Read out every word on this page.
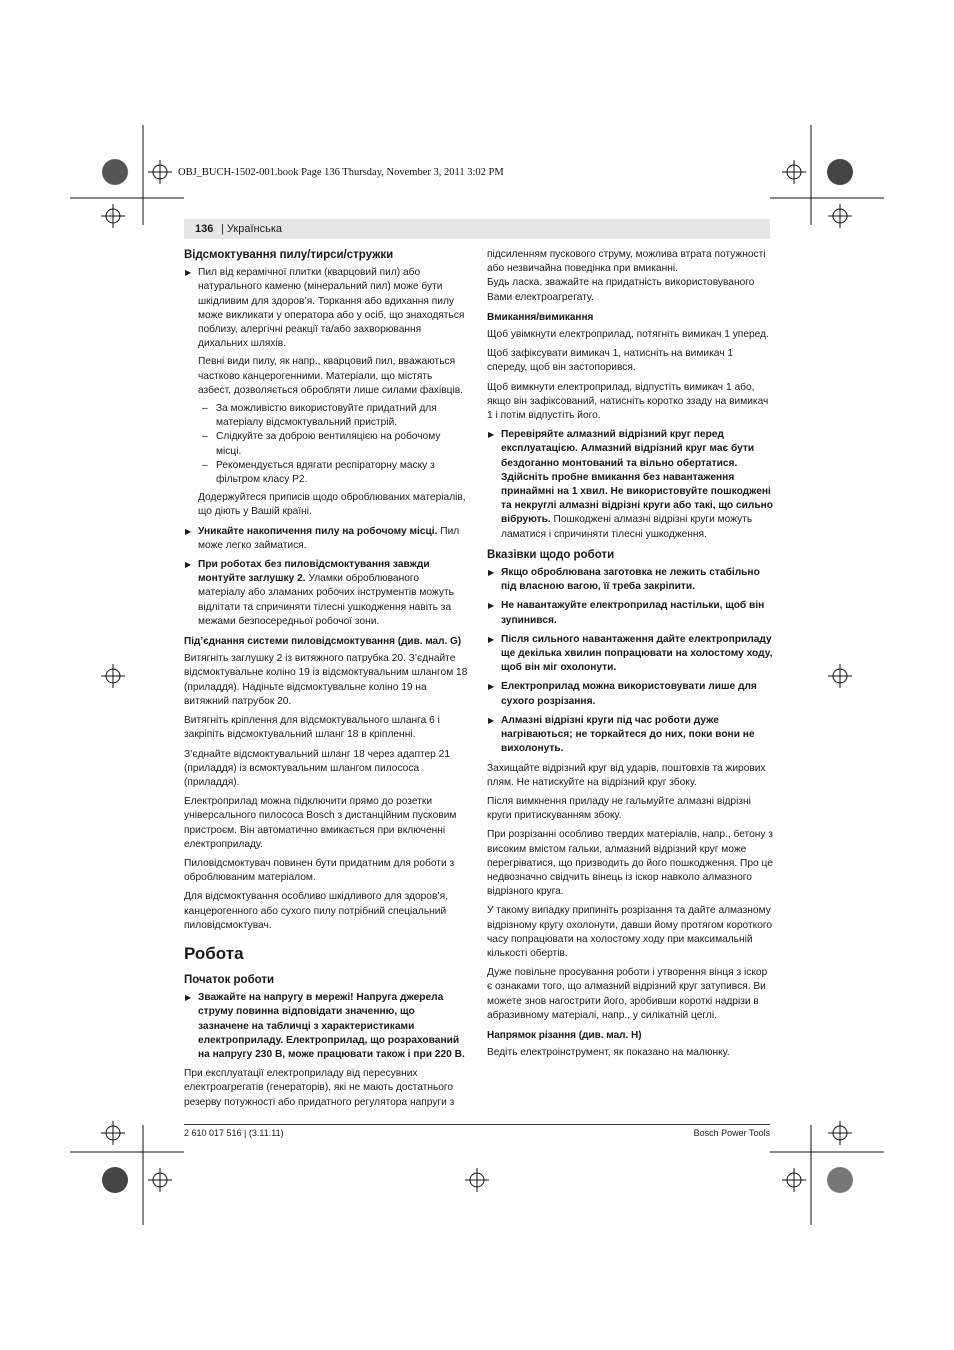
OBJ_BUCH-1502-001.book Page 136 Thursday, November 3, 2011 3:02 PM
136 | Українська
Відсмоктування пилу/тирси/стружки

▶ Пил від керамічної плитки (кварцовий пил) або натурального каменю (мінеральний пил) може бути шкідливим для здоров’я. Торкання або вдихання пилу може викликати у оператора або у осіб, що знаходяться поблизу, алергічні реакції та/або захворювання дихальних шляхів.

Певні види пилу, як напр., кварцовий пил, вважаються частково канцерогенними. Матеріали, що містять азбест, дозволяється обробляти лише силами фахівців.

– За можливістю використовуйте придатний для матеріалу відсмоктувальний пристрій.
– Слідкуйте за доброю вентиляцією на робочому місці.
– Рекомендується вдягати респіраторну маску з фільтром класу P2.

Додержуйтеся приписів щодо оброблюваних матеріалів, що діють у Вашій країні.

▶ Уникайте накопичення пилу на робочому місці. Пил може легко займатися.

▶ При роботах без пиловідсмоктування завжди монтуйте заглушку 2. Уламки оброблюваного матеріалу або зламаних робочих інструментів можуть відлітати та спричиняти тілесні ушкодження навіть за межами безпосередньої робочої зони.

Під’єднання системи пиловідсмоктування (див. мал. G)

Витягніть заглушку 2 із витяжного патрубка 20. З’єднайте відсмоктувальне коліно 19 із відсмоктувальним шлангом 18 (приладдя). Надіньте відсмоктувальне коліно 19 на витяжний патрубок 20.

Витягніть кріплення для відсмоктувального шланга 6 і закріпіть відсмоктувальний шланг 18 в кріпленні.

З’єднайте відсмоктувальний шланг 18 через адаптер 21 (приладдя) із всмоктувальним шлангом пилососа (приладдя).

Електроприлад можна підключити прямо до розетки універсального пилососа Bosch з дистанційним пусковим пристроєм. Він автоматично вмикається при включенні електроприладу.

Пиловідсмоктувач повинен бути придатним для роботи з оброблюваним матеріалом.

Для відсмоктування особливо шкідливого для здоров’я, канцерогенного або сухого пилу потрібний спеціальний пиловідсмоктувач.

Робота
Початок роботи

▶ Зважайте на напругу в мережі! Напруга джерела струму повинна відповідати значенню, що зазначене на табличці з характеристиками електроприладу. Електроприлад, що розрахований на напругу 230 В, може працювати також і при 220 В.

При експлуатації електроприладу від пересувних електроагрегатів (генераторів), які не мають достатнього резерву потужності або придатного регулятора напруги з

підсиленням пускового струму, можлива втрата потужності або незвичайна поведінка при вмиканні.

Будь ласка, зважайте на придатність використовуваного Вами електроагрегату.

Вмикання/вимикання

Щоб увімкнути електроприлад, потягніть вимикач 1 уперед.

Щоб зафіксувати вимикач 1, натисніть на вимикач 1 спереду, щоб він застопорився.

Щоб вимкнути електроприлад, відпустіть вимикач 1 або, якщо він зафіксований, натисніть коротко ззаду на вимикач 1 і потім відпустіть його.

▶ Перевіряйте алмазний відрізний круг перед експлуатацією. Алмазний відрізний круг має бути бездоганно монтований та вільно обертатися. Здійсніть пробне вмикання без навантаження принаймні на 1 хвил. Не використовуйте пошкоджені та некруглі алмазні відрізні круги або такі, що сильно вібрують. Пошкоджені алмазні відрізні круги можуть ламатися і спричиняти тілесні ушкодження.

Вказівки щодо роботи

▶ Якщо оброблювана заготовка не лежить стабільно під власною вагою, її треба закріпити.

▶ Не навантажуйте електроприлад настільки, щоб він зупинився.

▶ Після сильного навантаження дайте електроприладу ще декілька хвилин попрацювати на холостому ходу, щоб він міг охолонути.

▶ Електроприлад можна використовувати лише для сухого розрізання.

▶ Алмазні відрізні круги під час роботи дуже нагріваються; не торкайтеся до них, поки вони не вихолонуть.

Захищайте відрізний круг від ударів, поштовхів та жирових плям. Не натискуйте на відрізний круг збоку.

Після вимкнення приладу не гальмуйте алмазні відрізні круги притискуванням збоку.

При розрізанні особливо твердих матеріалів, напр., бетону з високим вмістом гальки, алмазний відрізний круг може перегріватися, що призводить до його пошкодження. Про це недвозначно свідчить вінець із іскор навколо алмазного відрізного круга.

У такому випадку припиніть розрізання та дайте алмазному відрізному кругу охолонути, давши йому протягом короткого часу попрацювати на холостому ходу при максимальній кількості обертів.

Дуже повільне просування роботи і утворення вінця з іскор є ознаками того, що алмазний відрізний круг затупився. Ви можете знов нагострити його, зробивши короткі надрізи в абразивному матеріалі, напр., у силікатній цеглі.

Напрямок різання (див. мал. H)

Ведіть електроінструмент, як показано на малюнку.

2 610 017 516 | (3.11.11)	Bosch Power Tools
